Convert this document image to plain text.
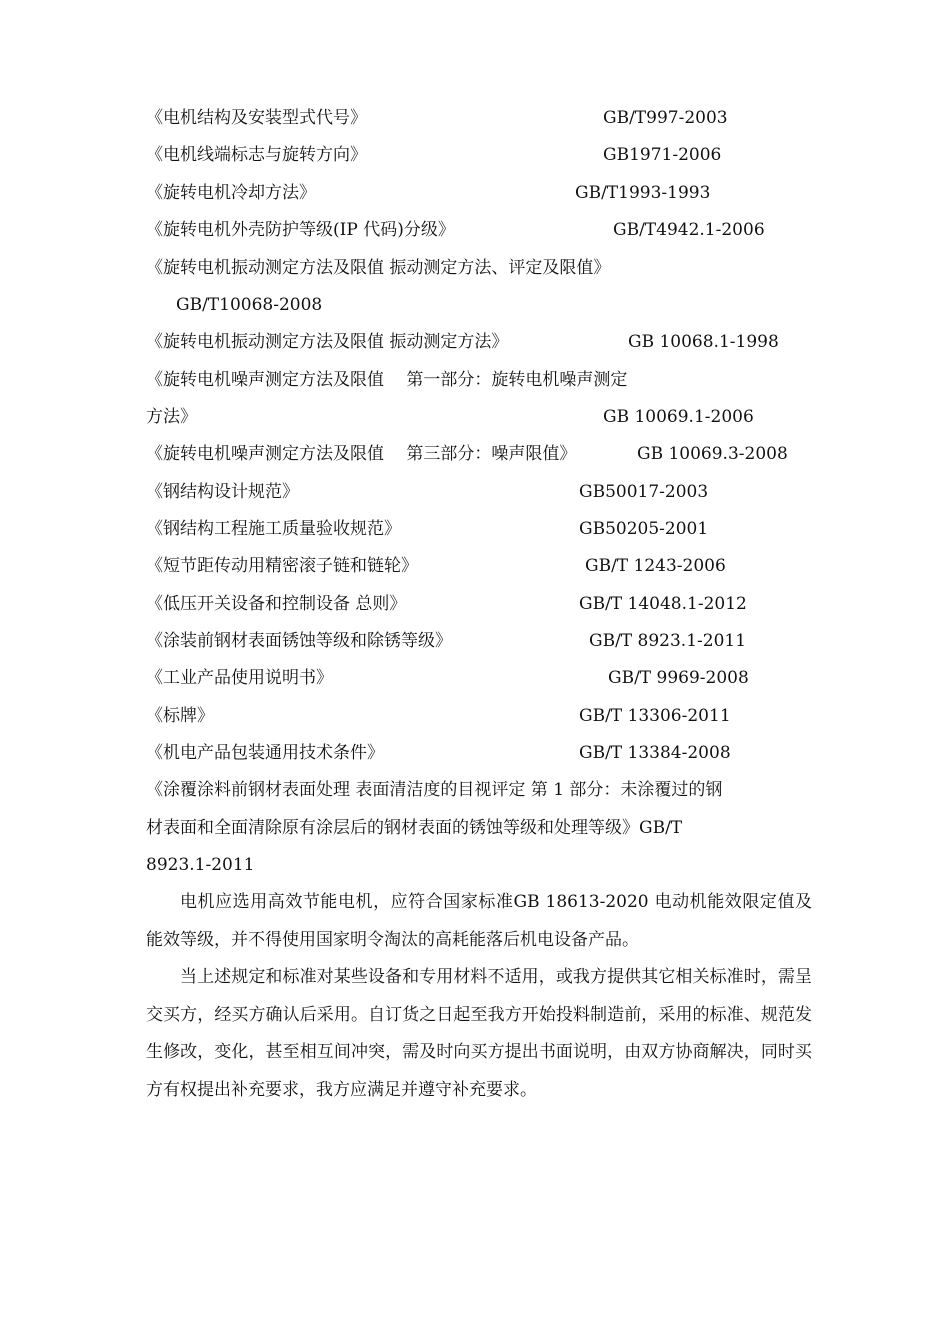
《电机结构及安装型式代号》	GB/T997-2003
《电机线端标志与旋转方向》	GB1971-2006
《旋转电机冷却方法》	GB/T1993-1993
《旋转电机外壳防护等级(IP 代码)分级》	GB/T4942.1-2006
《旋转电机振动测定方法及限值 振动测定方法、评定及限值》
GB/T10068-2008
《旋转电机振动测定方法及限值 振动测定方法》	GB 10068.1-1998
《旋转电机噪声测定方法及限值　 第一部分：旋转电机噪声测定
方法》	GB 10069.1-2006
《旋转电机噪声测定方法及限值　 第三部分：噪声限值》	GB 10069.3-2008
《钢结构设计规范》	GB50017-2003
《钢结构工程施工质量验收规范》	GB50205-2001
《短节距传动用精密滚子链和链轮》	GB/T 1243-2006
《低压开关设备和控制设备 总则》	GB/T 14048.1-2012
《涂装前钢材表面锈蚀等级和除锈等级》	GB/T 8923.1-2011
《工业产品使用说明书》	GB/T 9969-2008
《标牌》	GB/T 13306-2011
《机电产品包装通用技术条件》	GB/T 13384-2008
《涂覆涂料前钢材表面处理 表面清洁度的目视评定 第 1 部分：未涂覆过的钢
材表面和全面清除原有涂层后的钢材表面的锈蚀等级和处理等级》GB/T
8923.1-2011
电机应选用高效节能电机，应符合国家标准GB 18613-2020 电动机能效限定值及能效等级，并不得使用国家明令淘汰的高耗能落后机电设备产品。
当上述规定和标准对某些设备和专用材料不适用，或我方提供其它相关标准时，需呈交买方，经买方确认后采用。自订货之日起至我方开始投料制造前，采用的标准、规范发生修改，变化，甚至相互间冲突，需及时向买方提出书面说明，由双方协商解决，同时买方有权提出补充要求，我方应满足并遵守补充要求。
